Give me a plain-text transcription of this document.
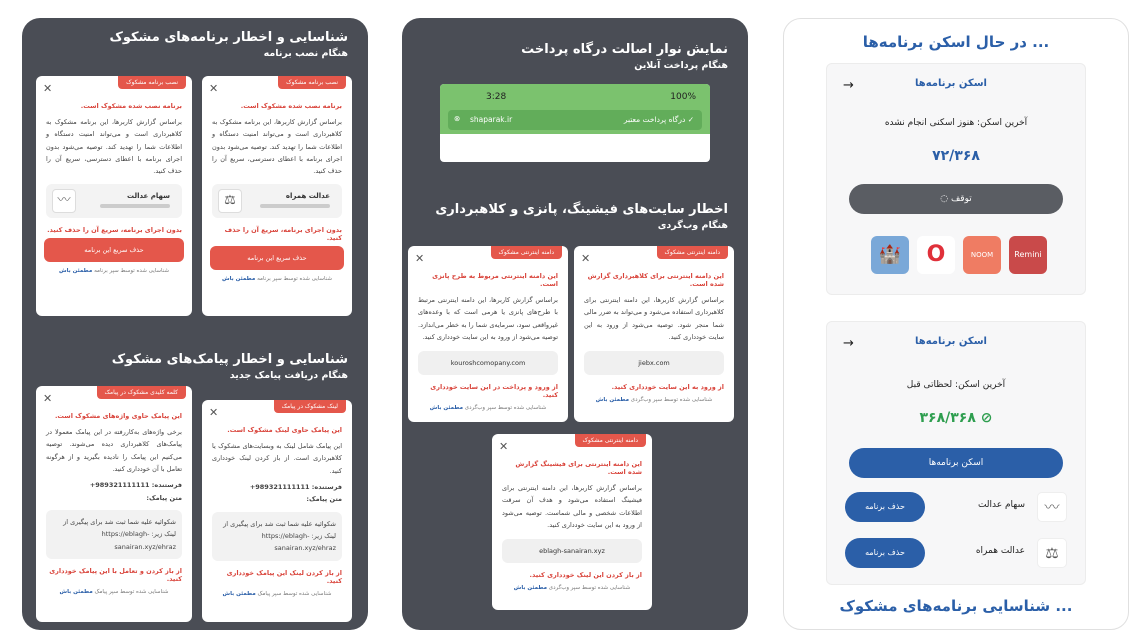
شناسایی و اخطار برنامه‌های مشکوک
هنگام نصب برنامه
نصب برنامه مشکوک
✕
برنامه نصب شده مشکوک است.
براساس گزارش کاربرها، این برنامه مشکوک به کلاهبرداری است و می‌تواند امنیت دستگاه و اطلاعات شما را تهدید کند. توصیه می‌شود بدون اجرای برنامه با اعطای دسترسی، سریع آن را حذف کنید.
عدالت همراه
⚖
بدون اجرای برنامه، سریع آن را حذف کنید.
حذف سریع این برنامه
شناسایی شده توسط سپر برنامه مطمئن باش
نصب برنامه مشکوک
✕
برنامه نصب شده مشکوک است.
براساس گزارش کاربرها، این برنامه مشکوک به کلاهبرداری است و می‌تواند امنیت دستگاه و اطلاعات شما را تهدید کند. توصیه می‌شود بدون اجرای برنامه با اعطای دسترسی، سریع آن را حذف کنید.
سهام عدالت
〰
بدون اجرای برنامه، سریع آن را حذف کنید.
حذف سریع این برنامه
شناسایی شده توسط سپر برنامه مطمئن باش
شناسایی و اخطار پیامک‌های مشکوک
هنگام دریافت پیامک جدید
لینک مشکوک در پیامک
✕
این پیامک حاوی لینک مشکوک است.
این پیامک شامل لینک به وبسایت‌های مشکوک یا کلاهبرداری است. از باز کردن لینک خودداری کنید.
فرستنده: 989321111111+
متن پیامک:
شکوائیه علیه شما ثبت شد برای پیگیری از لینک زیر: https://eblagh-sanairan.xyz/ehraz
از باز کردن لینک این پیامک خودداری کنید.
شناسایی شده توسط سپر پیامک مطمئن باش
کلمه کلیدی مشکوک در پیامک
✕
این پیامک حاوی واژه‌های مشکوک است.
برخی واژه‌های به‌کاررفته در این پیامک معمولا در پیامک‌های کلاهبرداری دیده می‌شوند. توصیه می‌کنیم این پیامک را نادیده بگیرید و از هرگونه تعامل با آن خودداری کنید.
فرستنده: 989321111111+
متن پیامک:
شکوائیه علیه شما ثبت شد برای پیگیری از لینک زیر: https://eblagh-sanairan.xyz/ehraz
از باز کردن و تعامل با این پیامک خودداری کنید.
شناسایی شده توسط سپر پیامک مطمئن باش
نمایش نوار اصالت درگاه پرداخت
هنگام پرداخت آنلاین
3:28	100%
⊗ shaparak.ir	✓ درگاه پرداخت معتبر
اخطار سایت‌های فیشینگ، پانزی و کلاهبرداری
هنگام وب‌گردی
دامنه اینترنتی مشکوک
✕
این دامنه اینترنتی برای کلاهبرداری گزارش شده است.
براساس گزارش کاربرها، این دامنه اینترنتی برای کلاهبرداری استفاده می‌شود و می‌تواند به ضرر مالی شما منجر شود. توصیه می‌شود از ورود به این سایت خودداری کنید.
jiebx.com
از ورود به این سایت خودداری کنید.
شناسایی شده توسط سپر وب‌گردی مطمئن باش
دامنه اینترنتی مشکوک
✕
این دامنه اینترنتی مربوط به طرح پانزی است.
براساس گزارش کاربرها، این دامنه اینترنتی مرتبط با طرح‌های پانزی یا هرمی است که با وعده‌های غیرواقعی سود، سرمایه‌ی شما را به خطر می‌اندازد. توصیه می‌شود از ورود به این سایت خودداری کنید.
kouroshcomopany.com
از ورود و پرداخت در این سایت خودداری کنید.
شناسایی شده توسط سپر وب‌گردی مطمئن باش
دامنه اینترنتی مشکوک
✕
این دامنه اینترنتی برای فیشینگ گزارش شده است.
براساس گزارش کاربرها، این دامنه اینترنتی برای فیشینگ استفاده می‌شود و هدف آن سرقت اطلاعات شخصی و مالی شماست. توصیه می‌شود از ورود به این سایت خودداری کنید.
eblagh-sanairan.xyz
از باز کردن این لینک خودداری کنید.
شناسایی شده توسط سپر وب‌گردی مطمئن باش
... در حال اسکن برنامه‌ها
→	اسکن برنامه‌ها
آخرین اسکن: هنوز اسکنی انجام نشده
۷۲/۳۶۸
◌ توقف
Remini
NOOM
O
🏰
→	اسکن برنامه‌ها
آخرین اسکن: لحظاتی قبل
۳۶۸/۳۶۸ ⊘
اسکن برنامه‌ها
〰
سهام عدالت
حذف برنامه
⚖
عدالت همراه
حذف برنامه
... شناسایی برنامه‌های مشکوک
